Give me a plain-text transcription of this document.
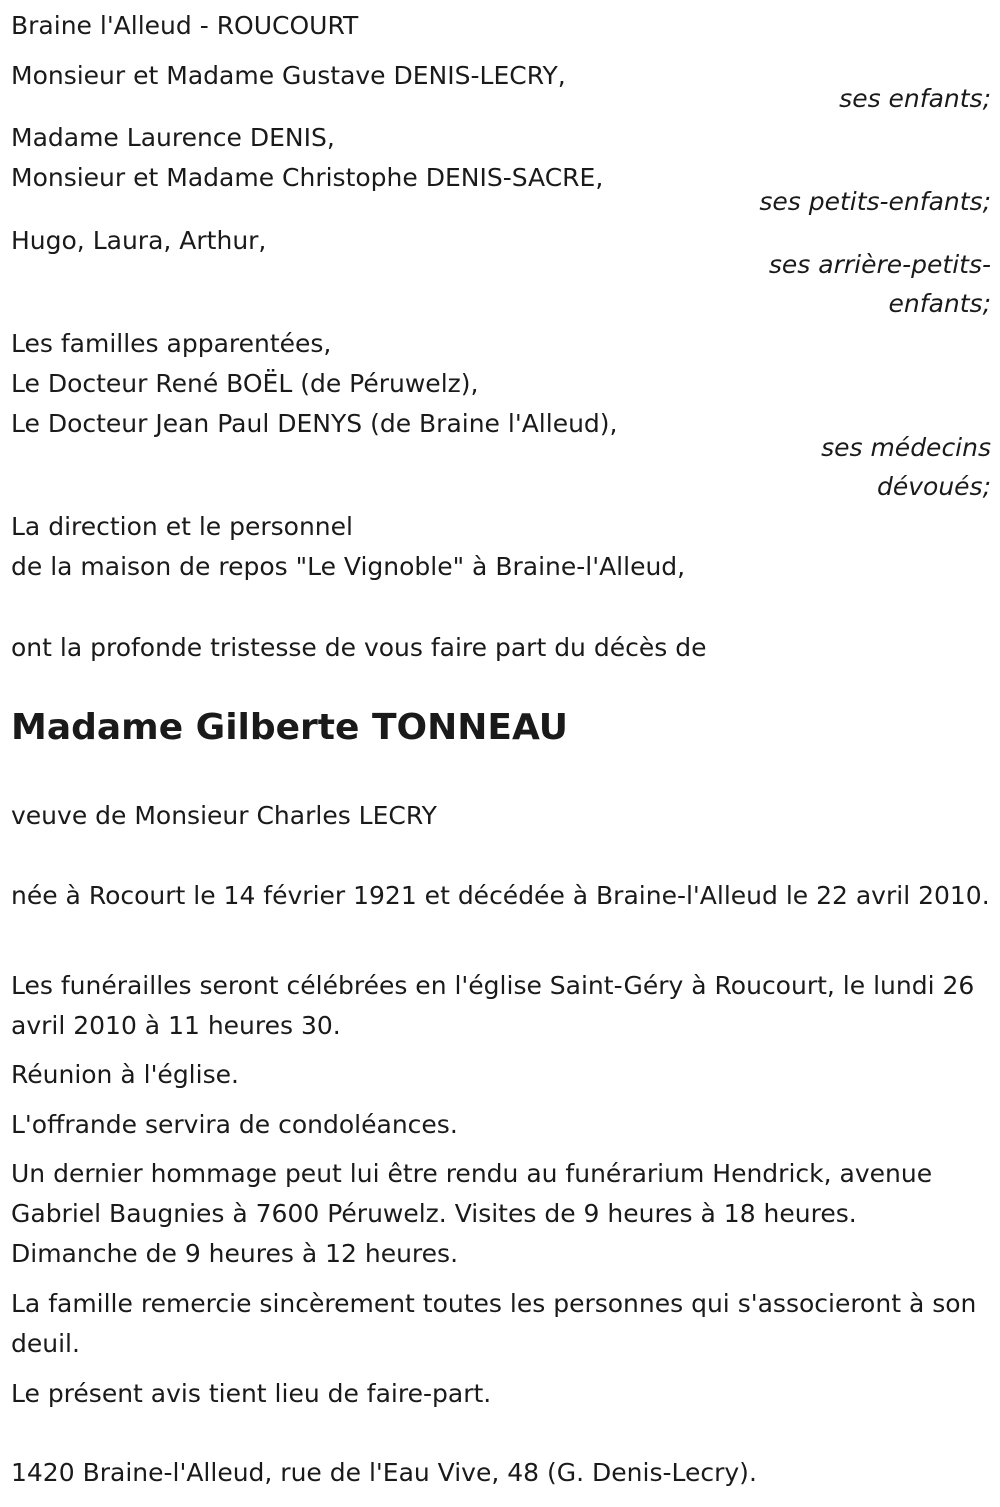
Braine l'Alleud - ROUCOURT
Monsieur et Madame Gustave DENIS-LECRY,
ses enfants;
Madame Laurence DENIS,
Monsieur et Madame Christophe DENIS-SACRE,
ses petits-enfants;
Hugo, Laura, Arthur,
ses arrière-petits-
enfants;
Les familles apparentées,
Le Docteur René BOËL (de Péruwelz),
Le Docteur Jean Paul DENYS (de Braine l'Alleud),
ses médecins
dévoués;
La direction et le personnel
de la maison de repos "Le Vignoble" à Braine-l'Alleud,
ont la profonde tristesse de vous faire part du décès de
Madame Gilberte TONNEAU
veuve de Monsieur Charles LECRY
née à Rocourt le 14 février 1921 et décédée à Braine-l'Alleud le 22 avril 2010.
Les funérailles seront célébrées en l'église Saint-Géry à Roucourt, le lundi 26 avril 2010 à 11 heures 30.
Réunion à l'église.
L'offrande servira de condoléances.
Un dernier hommage peut lui être rendu au funérarium Hendrick, avenue Gabriel Baugnies à 7600 Péruwelz. Visites de 9 heures à 18 heures. Dimanche de 9 heures à 12 heures.
La famille remercie sincèrement toutes les personnes qui s'associeront à son deuil.
Le présent avis tient lieu de faire-part.
1420 Braine-l'Alleud, rue de l'Eau Vive, 48 (G. Denis-Lecry).
